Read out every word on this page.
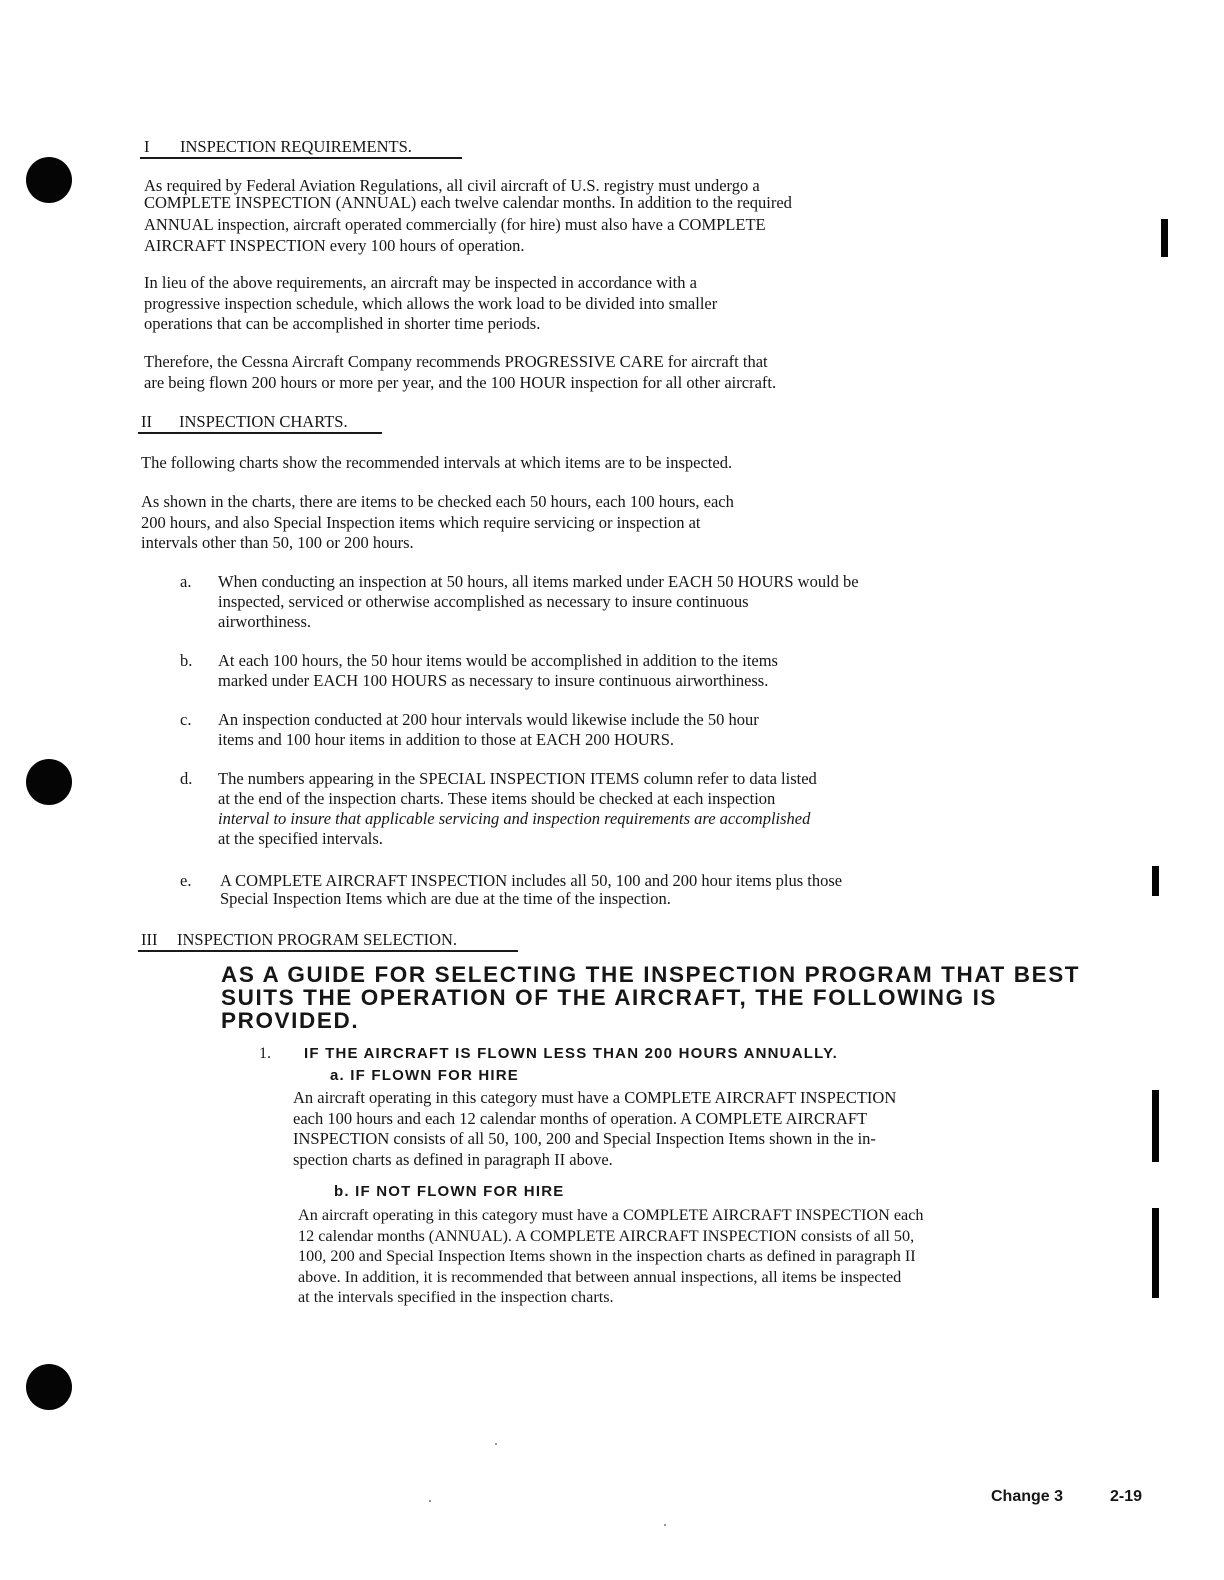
I INSPECTION REQUIREMENTS.
As required by Federal Aviation Regulations, all civil aircraft of U.S. registry must undergo a
COMPLETE INSPECTION (ANNUAL) each twelve calendar months. In addition to the required
ANNUAL inspection, aircraft operated commercially (for hire) must also have a COMPLETE
AIRCRAFT INSPECTION every 100 hours of operation.
In lieu of the above requirements, an aircraft may be inspected in accordance with a
progressive inspection schedule, which allows the work load to be divided into smaller
operations that can be accomplished in shorter time periods.
Therefore, the Cessna Aircraft Company recommends PROGRESSIVE CARE for aircraft that
are being flown 200 hours or more per year, and the 100 HOUR inspection for all other aircraft.
II INSPECTION CHARTS.
The following charts show the recommended intervals at which items are to be inspected.
As shown in the charts, there are items to be checked each 50 hours, each 100 hours, each
200 hours, and also Special Inspection items which require servicing or inspection at
intervals other than 50, 100 or 200 hours.
a. When conducting an inspection at 50 hours, all items marked under EACH 50 HOURS would be
inspected, serviced or otherwise accomplished as necessary to insure continuous
airworthiness.
b. At each 100 hours, the 50 hour items would be accomplished in addition to the items
marked under EACH 100 HOURS as necessary to insure continuous airworthiness.
c. An inspection conducted at 200 hour intervals would likewise include the 50 hour
items and 100 hour items in addition to those at EACH 200 HOURS.
d. The numbers appearing in the SPECIAL INSPECTION ITEMS column refer to data listed
at the end of the inspection charts. These items should be checked at each inspection
interval to insure that applicable servicing and inspection requirements are accomplished
at the specified intervals.
e. A COMPLETE AIRCRAFT INSPECTION includes all 50, 100 and 200 hour items plus those
Special Inspection Items which are due at the time of the inspection.
III INSPECTION PROGRAM SELECTION.
AS A GUIDE FOR SELECTING THE INSPECTION PROGRAM THAT BEST
SUITS THE OPERATION OF THE AIRCRAFT, THE FOLLOWING IS
PROVIDED.
1. IF THE AIRCRAFT IS FLOWN LESS THAN 200 HOURS ANNUALLY.
a. IF FLOWN FOR HIRE
An aircraft operating in this category must have a COMPLETE AIRCRAFT INSPECTION
each 100 hours and each 12 calendar months of operation. A COMPLETE AIRCRAFT
INSPECTION consists of all 50, 100, 200 and Special Inspection Items shown in the in-
spection charts as defined in paragraph II above.
b. IF NOT FLOWN FOR HIRE
An aircraft operating in this category must have a COMPLETE AIRCRAFT INSPECTION each
12 calendar months (ANNUAL). A COMPLETE AIRCRAFT INSPECTION consists of all 50,
100, 200 and Special Inspection Items shown in the inspection charts as defined in paragraph II
above. In addition, it is recommended that between annual inspections, all items be inspected
at the intervals specified in the inspection charts.
Change 3	2-19
